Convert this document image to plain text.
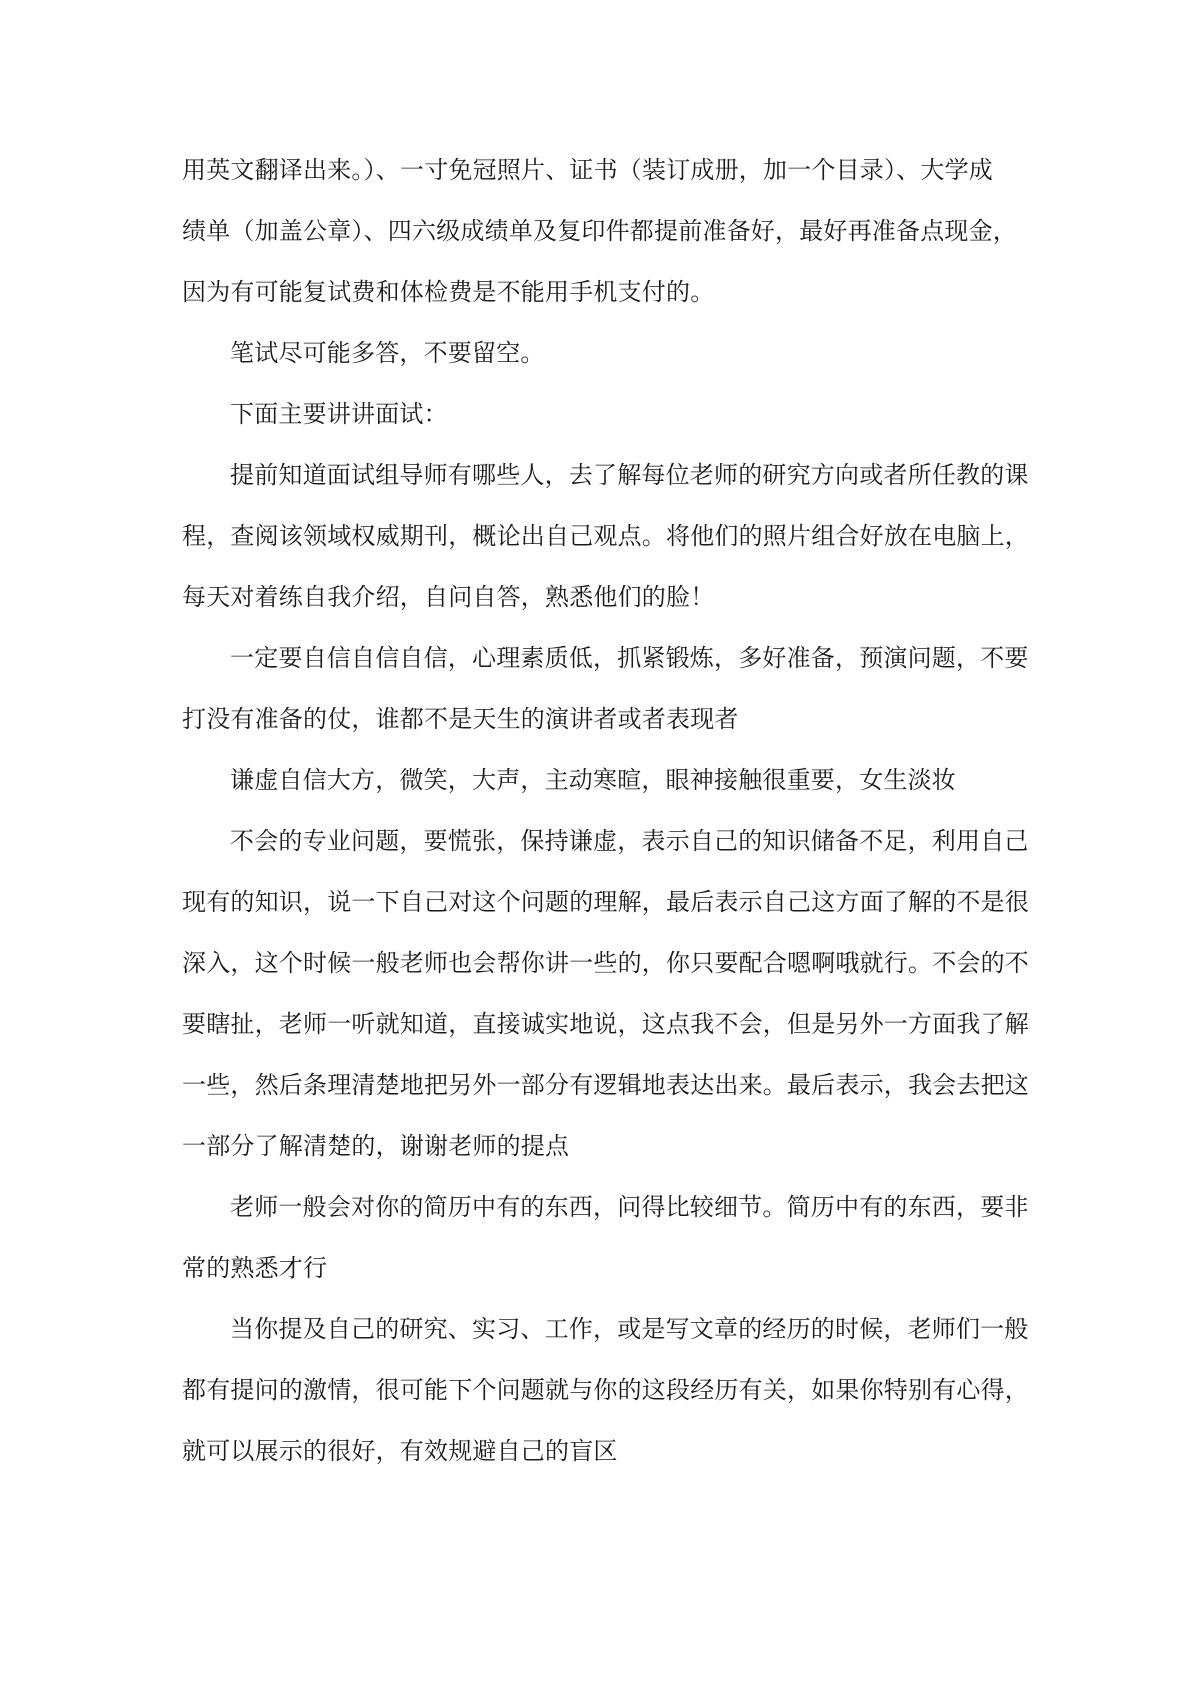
用英文翻译出来。）、一寸免冠照片、证书（装订成册，加一个目录）、大学成
绩单（加盖公章）、四六级成绩单及复印件都提前准备好，最好再准备点现金，
因为有可能复试费和体检费是不能用手机支付的。
笔试尽可能多答，不要留空。
下面主要讲讲面试：
提前知道面试组导师有哪些人，去了解每位老师的研究方向或者所任教的课
程，查阅该领域权威期刊，概论出自己观点。将他们的照片组合好放在电脑上，
每天对着练自我介绍，自问自答，熟悉他们的脸！
一定要自信自信自信，心理素质低，抓紧锻炼，多好准备，预演问题，不要
打没有准备的仗，谁都不是天生的演讲者或者表现者
谦虚自信大方，微笑，大声，主动寒暄，眼神接触很重要，女生淡妆
不会的专业问题，要慌张，保持谦虚，表示自己的知识储备不足，利用自己
现有的知识，说一下自己对这个问题的理解，最后表示自己这方面了解的不是很
深入，这个时候一般老师也会帮你讲一些的，你只要配合嗯啊哦就行。不会的不
要瞎扯，老师一听就知道，直接诚实地说，这点我不会，但是另外一方面我了解
一些，然后条理清楚地把另外一部分有逻辑地表达出来。最后表示，我会去把这
一部分了解清楚的，谢谢老师的提点
老师一般会对你的简历中有的东西，问得比较细节。简历中有的东西，要非
常的熟悉才行
当你提及自己的研究、实习、工作，或是写文章的经历的时候，老师们一般
都有提问的激情，很可能下个问题就与你的这段经历有关，如果你特别有心得，
就可以展示的很好，有效规避自己的盲区
